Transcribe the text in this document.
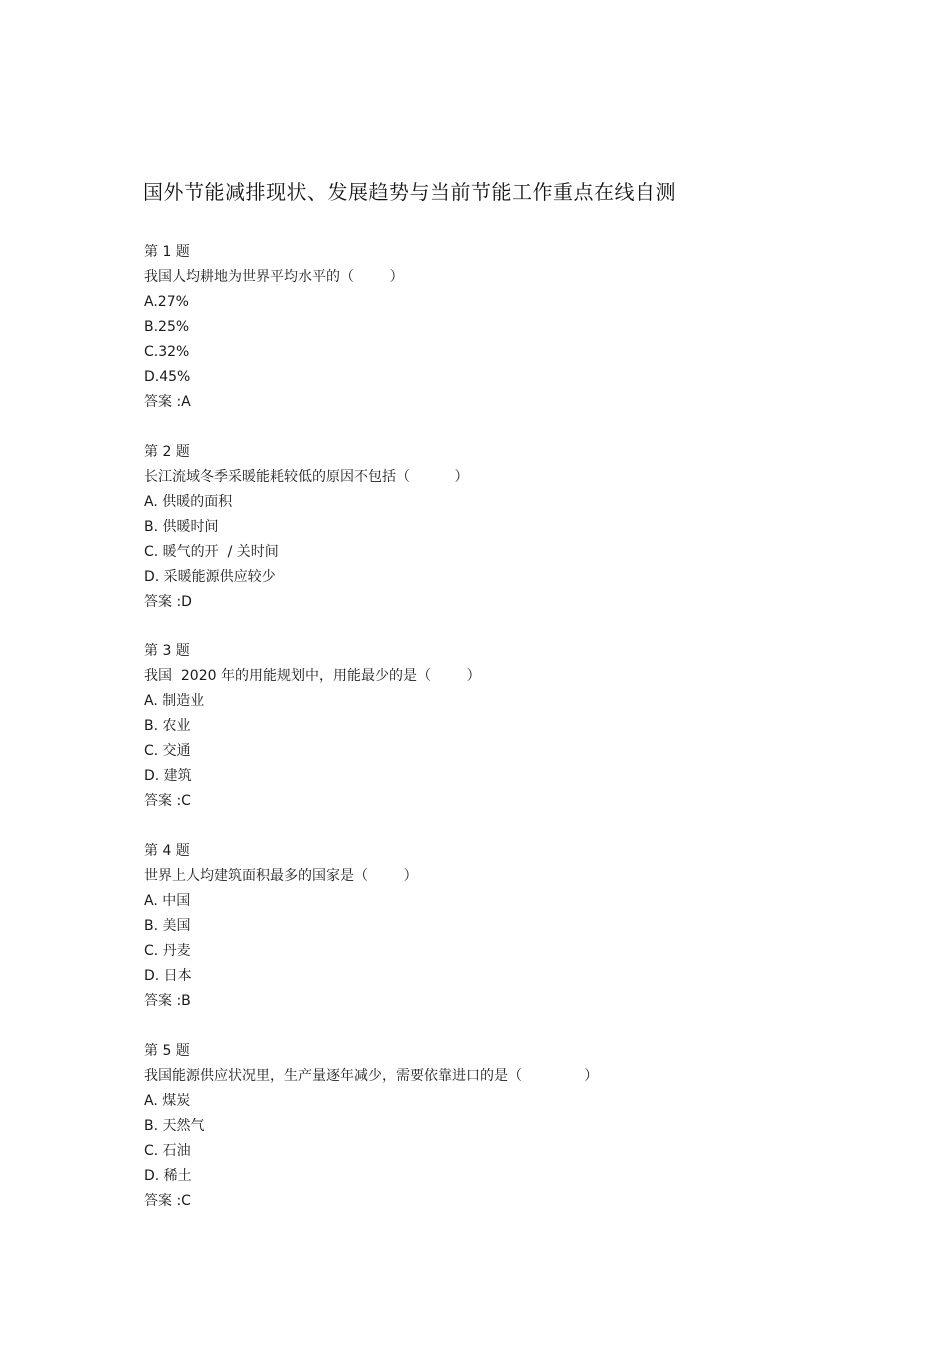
国外节能减排现状、发展趋势与当前节能工作重点在线自测
第 1 题
我国人均耕地为世界平均水平的（        ）
A.27%
B.25%
C.32%
D.45%
答案 :A
第 2 题
长江流域冬季采暖能耗较低的原因不包括（          ）
A. 供暖的面积
B. 供暖时间
C. 暖气的开  / 关时间
D. 采暖能源供应较少
答案 :D
第 3 题
我国  2020 年的用能规划中，用能最少的是（        ）
A. 制造业
B. 农业
C. 交通
D. 建筑
答案 :C
第 4 题
世界上人均建筑面积最多的国家是（        ）
A. 中国
B. 美国
C. 丹麦
D. 日本
答案 :B
第 5 题
我国能源供应状况里，生产量逐年减少，需要依靠进口的是（              ）
A. 煤炭
B. 天然气
C. 石油
D. 稀土
答案 :C
